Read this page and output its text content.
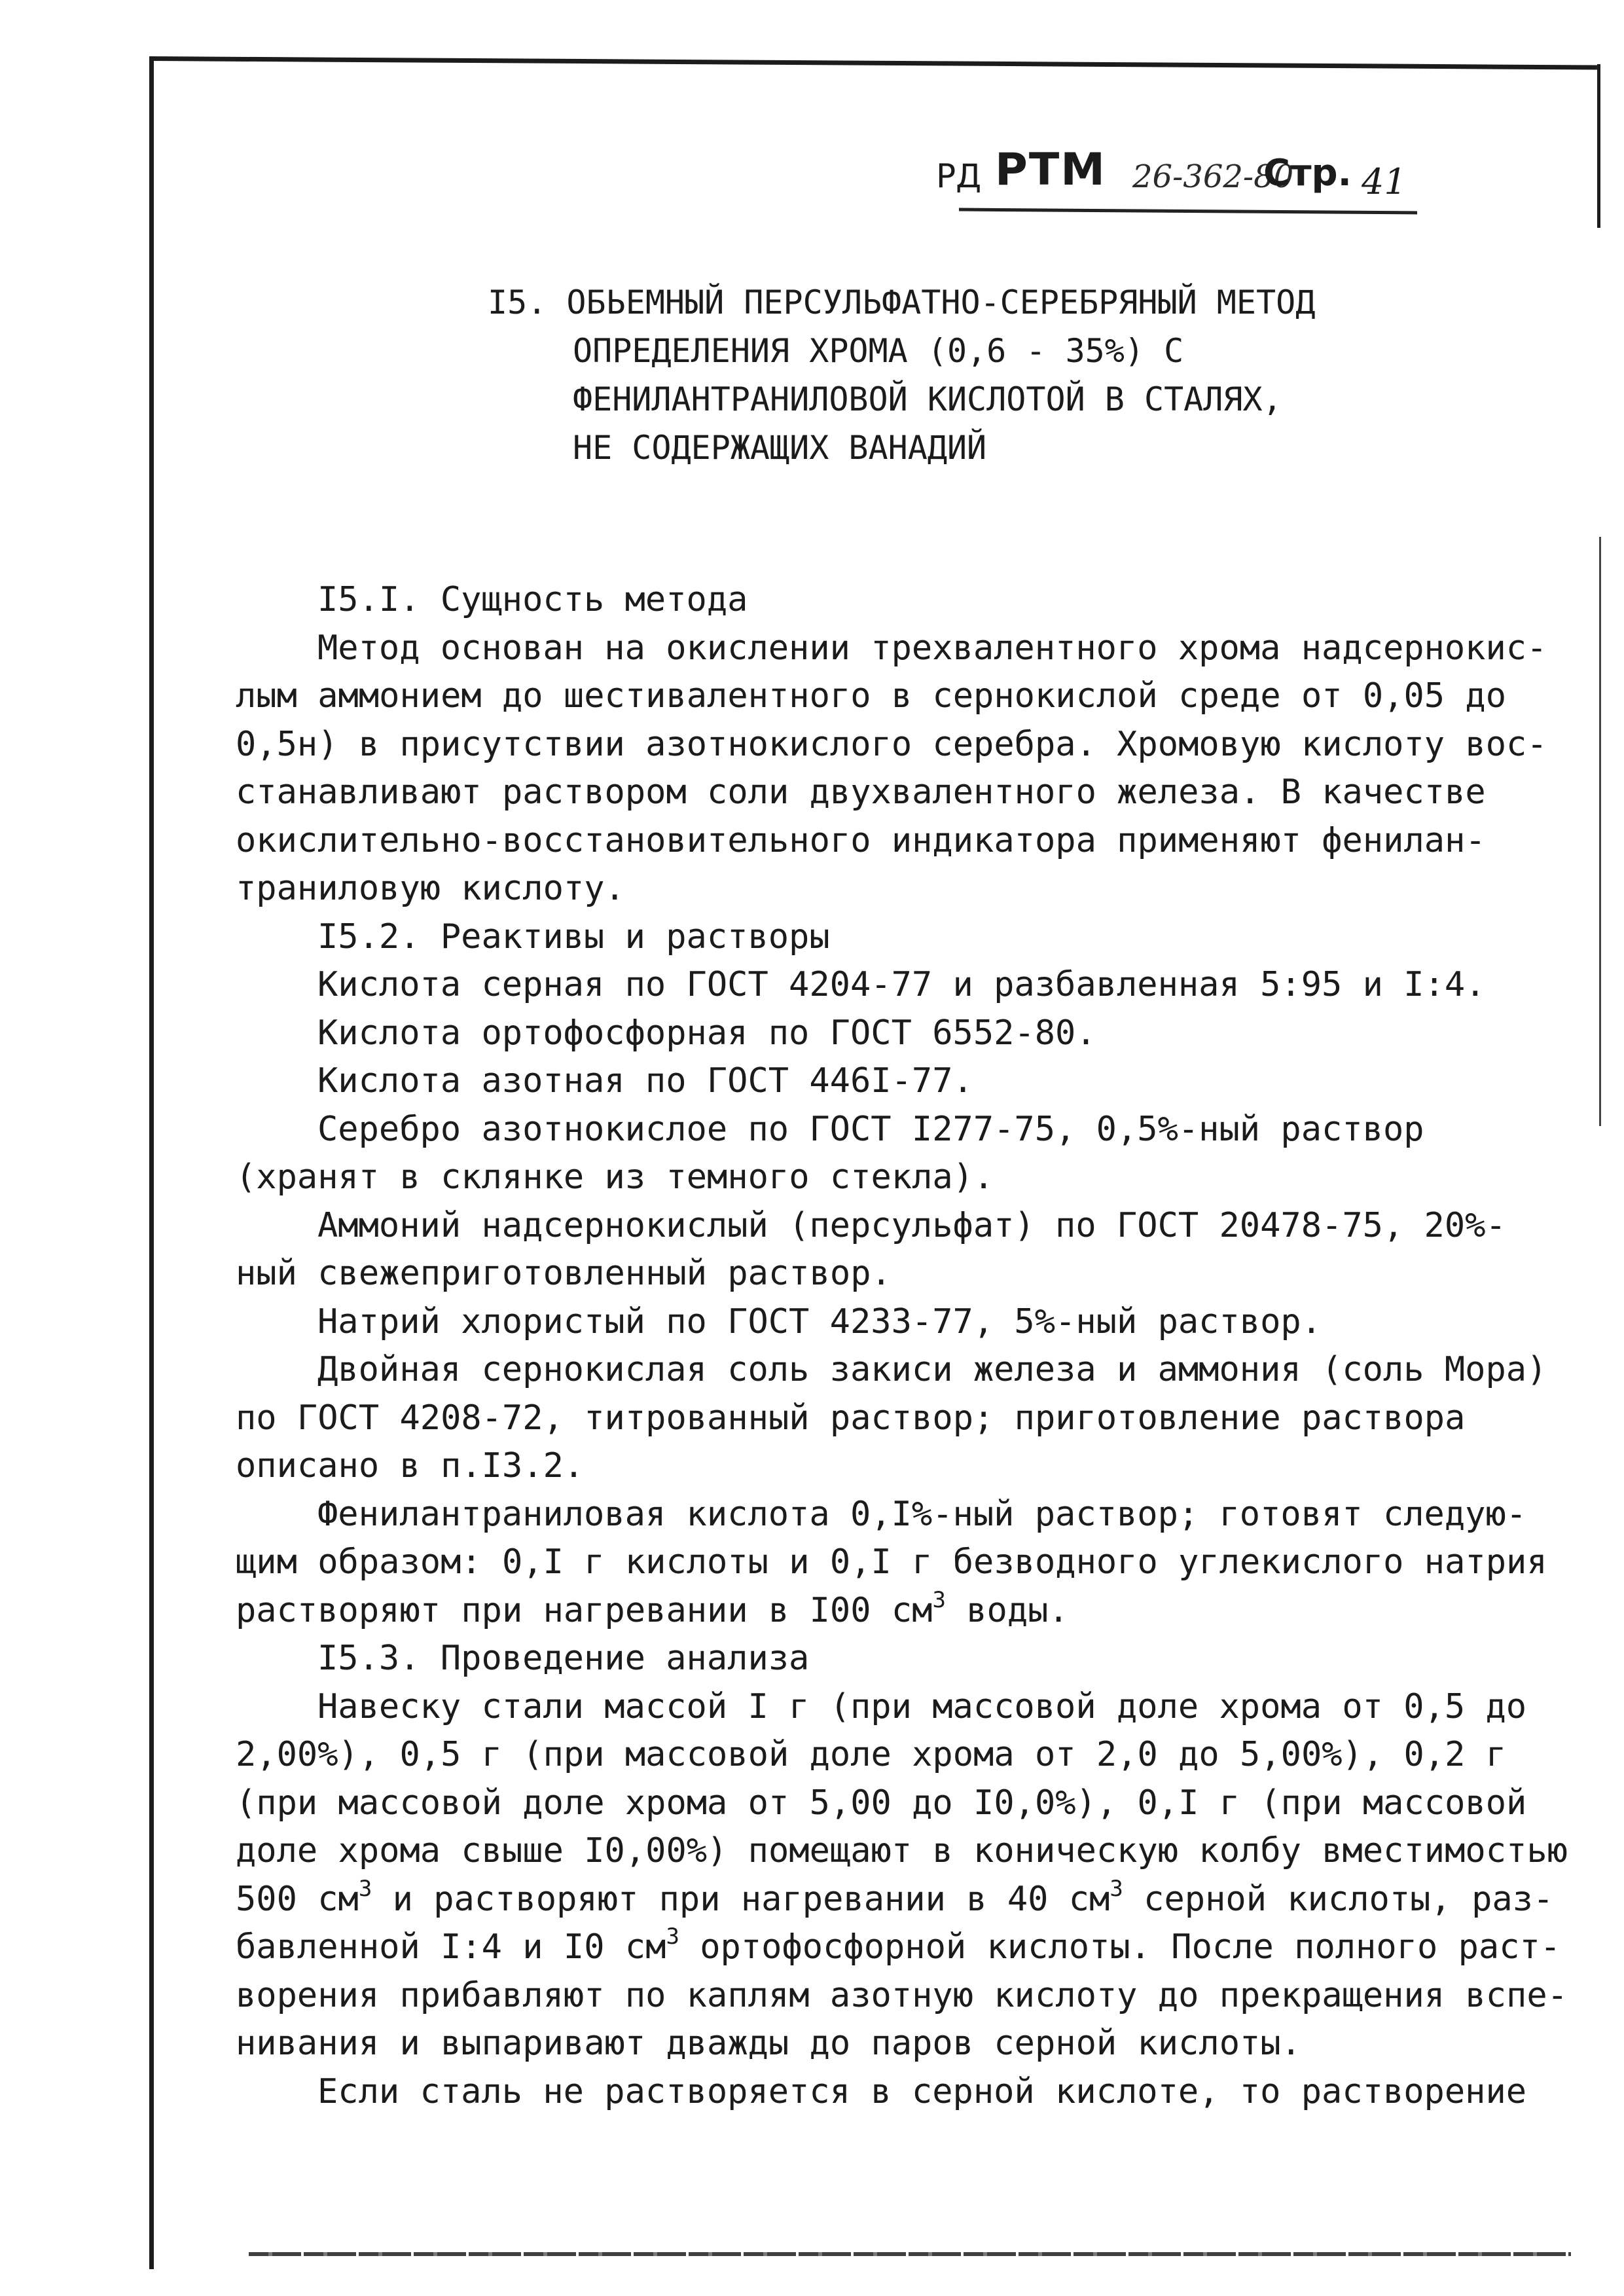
РД РТМ 26-362-80
Стр. 41
I5. ОБЬЕМНЫЙ ПЕРСУЛЬФАТНО-СЕРЕБРЯНЫЙ МЕТОД
ОПРЕДЕЛЕНИЯ ХРОМА (0,6 - 35%) С
ФЕНИЛАНТРАНИЛОВОЙ КИСЛОТОЙ В СТАЛЯХ,
НЕ СОДЕРЖАЩИХ ВАНАДИЙ
I5.I. Сущность метода
Метод основан на окислении трехвалентного хрома надсернокис-
лым аммонием до шестивалентного в сернокислой среде от 0,05 до
0,5н) в присутствии азотнокислого серебра. Хромовую кислоту вос-
станавливают раствором соли двухвалентного железа. В качестве
окислительно-восстановительного индикатора применяют фенилан-
траниловую кислоту.
I5.2. Реактивы и растворы
Кислота серная по ГОСТ 4204-77 и разбавленная 5:95 и I:4.
Кислота ортофосфорная по ГОСТ 6552-80.
Кислота азотная по ГОСТ 446I-77.
Серебро азотнокислое по ГОСТ I277-75, 0,5%-ный раствор
(хранят в склянке из темного стекла).
Аммоний надсернокислый (персульфат) по ГОСТ 20478-75, 20%-
ный свежеприготовленный раствор.
Натрий хлористый по ГОСТ 4233-77, 5%-ный раствор.
Двойная сернокислая соль закиси железа и аммония (соль Мора)
по ГОСТ 4208-72, титрованный раствор; приготовление раствора
описано в п.I3.2.
Фенилантраниловая кислота 0,I%-ный раствор; готовят следую-
щим образом: 0,I г кислоты и 0,I г безводного углекислого натрия
растворяют при нагревании в I00 $см^3$ воды.
I5.3. Проведение анализа
Навеску стали массой I г (при массовой доле хрома от 0,5 до
2,00%), 0,5 г (при массовой доле хрома от 2,0 до 5,00%), 0,2 г
(при массовой доле хрома от 5,00 до I0,0%), 0,I г (при массовой
доле хрома свыше I0,00%) помещают в коническую колбу вместимостью
500 $см^3$ и растворяют при нагревании в 40 $см^3$ серной кислоты, раз-
бавленной I:4 и I0 $см^3$ ортофосфорной кислоты. После полного раст-
ворения прибавляют по каплям азотную кислоту до прекращения вспе-
нивания и выпаривают дважды до паров серной кислоты.
Если сталь не растворяется в серной кислоте, то растворение
